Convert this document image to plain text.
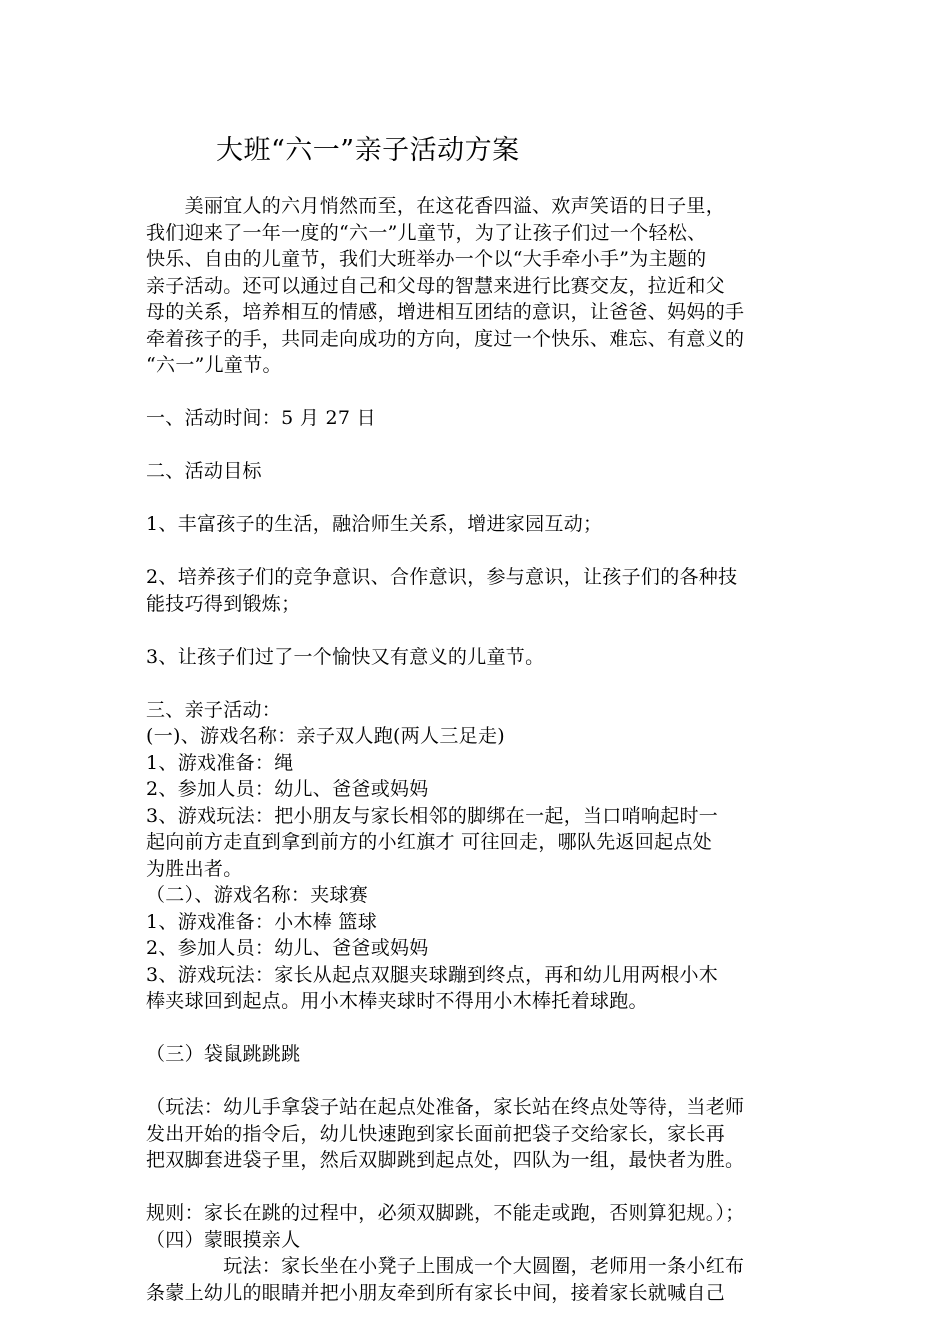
大班“六一”亲子活动方案

　　美丽宜人的六月悄然而至，在这花香四溢、欢声笑语的日子里，

我们迎来了一年一度的“六一”儿童节，为了让孩子们过一个轻松、

快乐、自由的儿童节，我们大班举办一个以“大手牵小手”为主题的

亲子活动。还可以通过自己和父母的智慧来进行比赛交友，拉近和父

母的关系，培养相互的情感，增进相互团结的意识，让爸爸、妈妈的手

牵着孩子的手，共同走向成功的方向，度过一个快乐、难忘、有意义的

“六一”儿童节。

一、活动时间：5 月 27 日

二、活动目标

1、丰富孩子的生活，融洽师生关系，增进家园互动；

2、培养孩子们的竞争意识、合作意识，参与意识，让孩子们的各种技

能技巧得到锻炼；

3、让孩子们过了一个愉快又有意义的儿童节。

三、亲子活动：

(一)、游戏名称：亲子双人跑(两人三足走)

1、游戏准备：绳

2、参加人员：幼儿、爸爸或妈妈

3、游戏玩法：把小朋友与家长相邻的脚绑在一起，当口哨响起时一

起向前方走直到拿到前方的小红旗才 可往回走，哪队先返回起点处

为胜出者。

（二）、游戏名称：夹球赛

1、游戏准备：小木棒 篮球

2、参加人员：幼儿、爸爸或妈妈

3、游戏玩法：家长从起点双腿夹球蹦到终点，再和幼儿用两根小木

棒夹球回到起点。用小木棒夹球时不得用小木棒托着球跑。

（三）袋鼠跳跳跳

（玩法：幼儿手拿袋子站在起点处准备，家长站在终点处等待，当老师

发出开始的指令后，幼儿快速跑到家长面前把袋子交给家长，家长再

把双脚套进袋子里，然后双脚跳到起点处，四队为一组，最快者为胜。

规则：家长在跳的过程中，必须双脚跳，不能走或跑，否则算犯规。）；

（四）蒙眼摸亲人

　　　　玩法：家长坐在小凳子上围成一个大圆圈，老师用一条小红布

条蒙上幼儿的眼睛并把小朋友牵到所有家长中间，接着家长就喊自己
